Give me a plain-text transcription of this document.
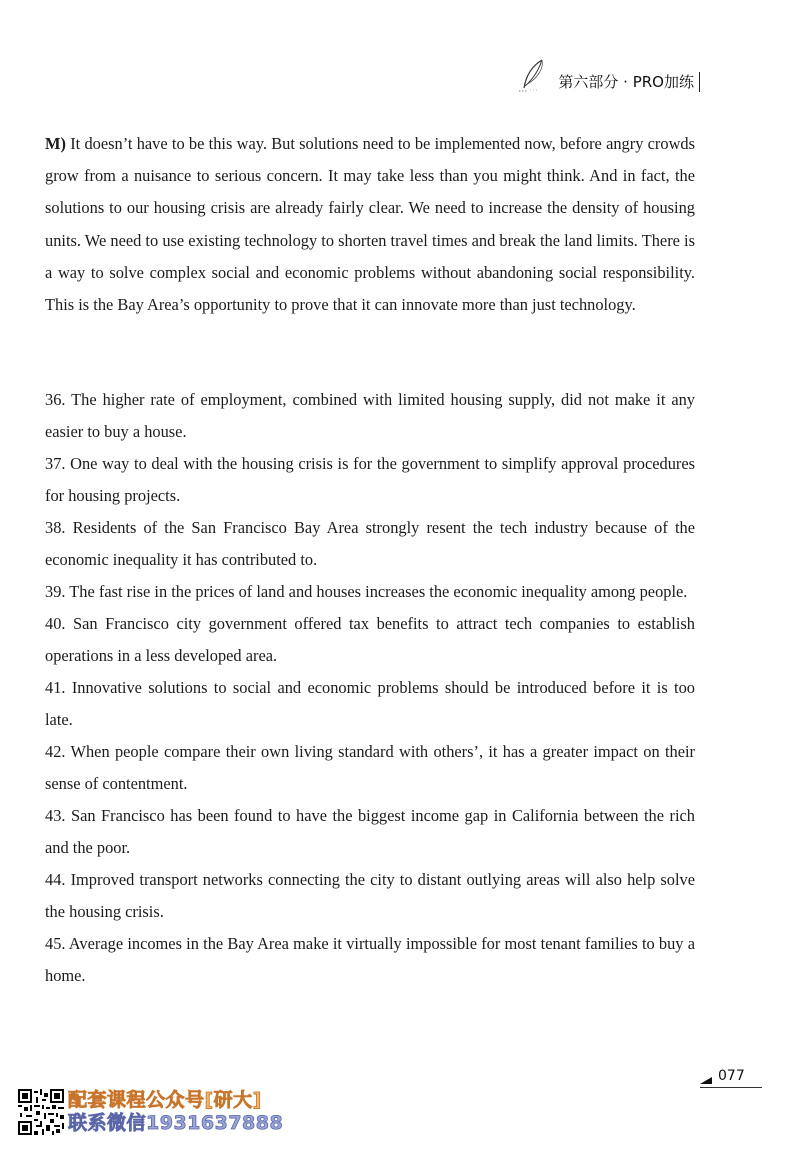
第六部分 · PRO加练

M) It doesn’t have to be this way. But solutions need to be implemented now, before angry crowds grow from a nuisance to serious concern. It may take less than you might think. And in fact, the solutions to our housing crisis are already fairly clear. We need to increase the density of housing units. We need to use existing technology to shorten travel times and break the land limits. There is a way to solve complex social and economic problems without abandoning social responsibility. This is the Bay Area’s opportunity to prove that it can innovate more than just technology.

36. The higher rate of employment, combined with limited housing supply, did not make it any easier to buy a house.
37. One way to deal with the housing crisis is for the government to simplify approval procedures for housing projects.
38. Residents of the San Francisco Bay Area strongly resent the tech industry because of the economic inequality it has contributed to.
39. The fast rise in the prices of land and houses increases the economic inequality among people.
40. San Francisco city government offered tax benefits to attract tech companies to establish operations in a less developed area.
41. Innovative solutions to social and economic problems should be introduced before it is too late.
42. When people compare their own living standard with others’, it has a greater impact on their sense of contentment.
43. San Francisco has been found to have the biggest income gap in California between the rich and the poor.
44. Improved transport networks connecting the city to distant outlying areas will also help solve the housing crisis.
45. Average incomes in the Bay Area make it virtually impossible for most tenant families to buy a home.
077
配套课程公众号[研大]
联系微信1931637888
